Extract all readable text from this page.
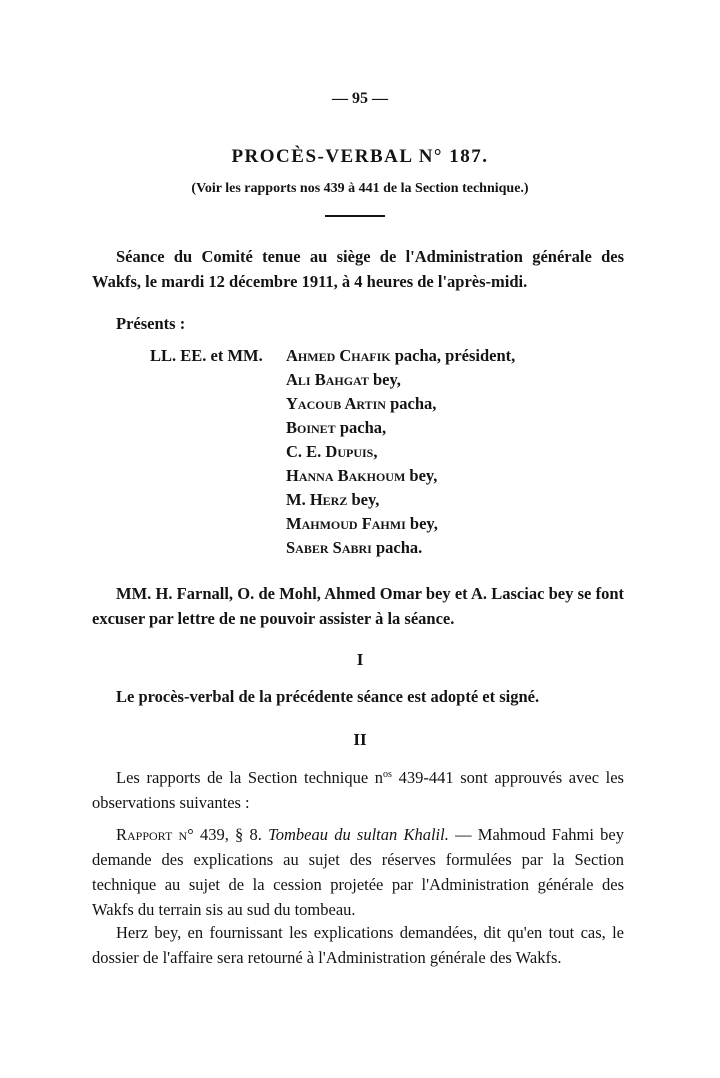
— 95 —
PROCÈS-VERBAL N° 187.
(Voir les rapports nos 439 à 441 de la Section technique.)
Séance du Comité tenue au siège de l'Administration générale des Wakfs, le mardi 12 décembre 1911, à 4 heures de l'après-midi.
Présents :
LL. EE. et MM.	Ahmed Chafik pacha, président,
Ali Bahgat bey,
Yacoub Artin pacha,
Boinet pacha,
C. E. Dupuis,
Hanna Bakhoum bey,
M. Herz bey,
Mahmoud Fahmi bey,
Saber Sabri pacha.
MM. H. Farnall, O. de Mohl, Ahmed Omar bey et A. Lasciac bey se font excuser par lettre de ne pouvoir assister à la séance.
I
Le procès-verbal de la précédente séance est adopté et signé.
II
Les rapports de la Section technique $n^{os}$ 439-441 sont approuvés avec les observations suivantes :
Rapport n° 439, § 8. Tombeau du sultan Khalil. — Mahmoud Fahmi bey demande des explications au sujet des réserves formulées par la Section technique au sujet de la cession projetée par l'Administration générale des Wakfs du terrain sis au sud du tombeau.
Herz bey, en fournissant les explications demandées, dit qu'en tout cas, le dossier de l'affaire sera retourné à l'Administration générale des Wakfs.
